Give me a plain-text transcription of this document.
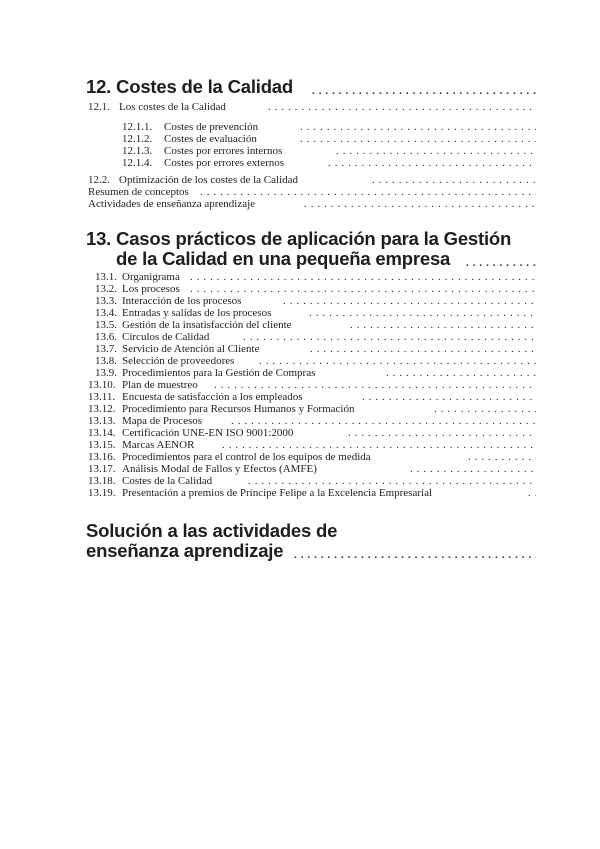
12. Costes de la Calidad
. . .
12.1. Los costes de la Calidad
. . .
12.1.1. Costes de prevención
. . .
12.1.2. Costes de evaluación
. . .
12.1.3. Costes por errores internos
. . .
12.1.4. Costes por errores externos
. . .
12.2. Optimización de los costes de la Calidad
. . .
Resumen de conceptos
. . .
Actividades de enseñanza aprendizaje
. . .
13. Casos prácticos de aplicación para la Gestión
de la Calidad en una pequeña empresa
. . .
13.1. Organigrama
. . .
13.2. Los procesos
. . .
13.3. Interacción de los procesos
. . .
13.4. Entradas y salidas de los procesos
. . .
13.5. Gestión de la insatisfacción del cliente
. . .
13.6. Círculos de Calidad
. . .
13.7. Servicio de Atención al Cliente
. . .
13.8. Selección de proveedores
. . .
13.9. Procedimientos para la Gestión de Compras
. . .
13.10. Plan de muestreo
. . .
13.11. Encuesta de satisfacción a los empleados
. . .
13.12. Procedimiento para Recursos Humanos y Formación
. . .
13.13. Mapa de Procesos
. . .
13.14. Certificación UNE-EN ISO 9001:2000
. . .
13.15. Marcas AENOR
. . .
13.16. Procedimientos para el control de los equipos de medida
. . .
13.17. Análisis Modal de Fallos y Efectos (AMFE)
. . .
13.18. Costes de la Calidad
. . .
13.19. Presentación a premios de Príncipe Felipe a la Excelencia Empresarial
. . .
Solución a las actividades de
enseñanza aprendizaje
. . .
